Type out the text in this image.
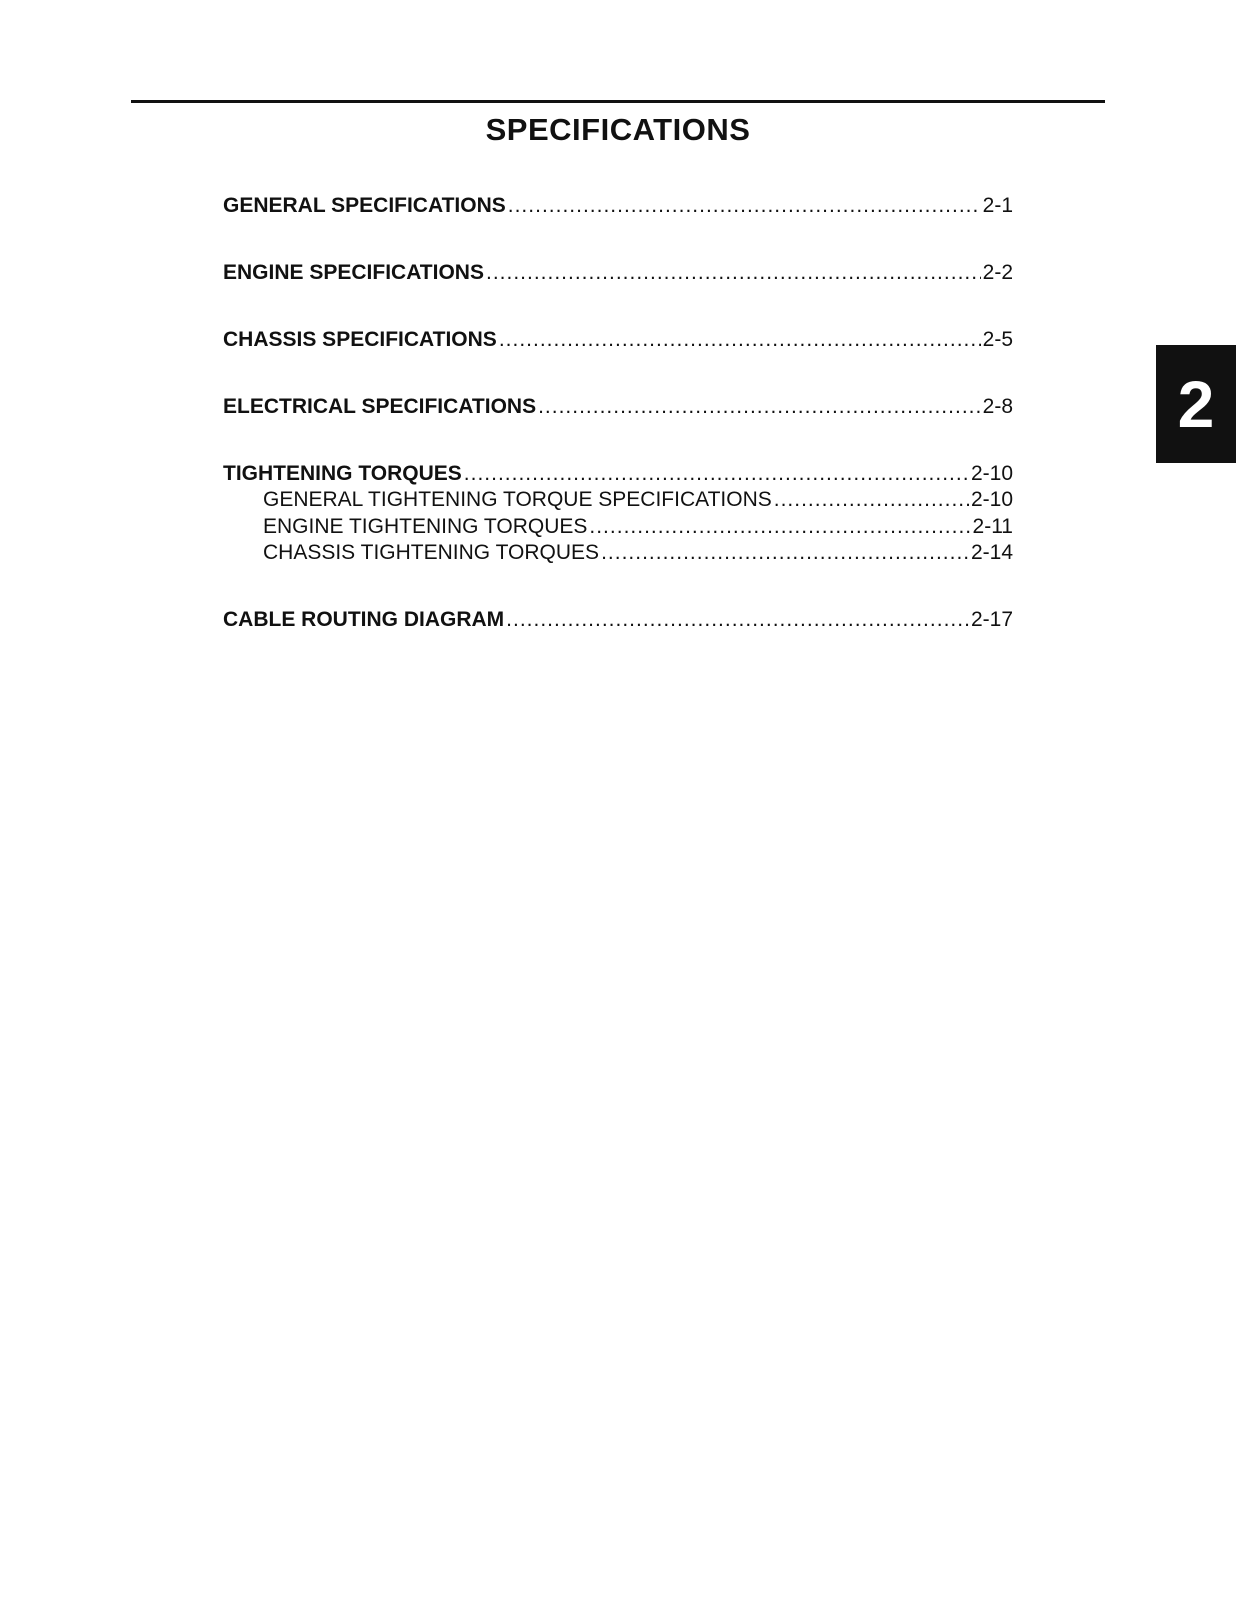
SPECIFICATIONS
2
GENERAL SPECIFICATIONS .....	2-1
ENGINE SPECIFICATIONS .....	2-2
CHASSIS SPECIFICATIONS .....	2-5
ELECTRICAL SPECIFICATIONS .....	2-8
TIGHTENING TORQUES .....	2-10
GENERAL TIGHTENING TORQUE SPECIFICATIONS .....	2-10
ENGINE TIGHTENING TORQUES .....	2-11
CHASSIS TIGHTENING TORQUES .....	2-14
CABLE ROUTING DIAGRAM .....	2-17
